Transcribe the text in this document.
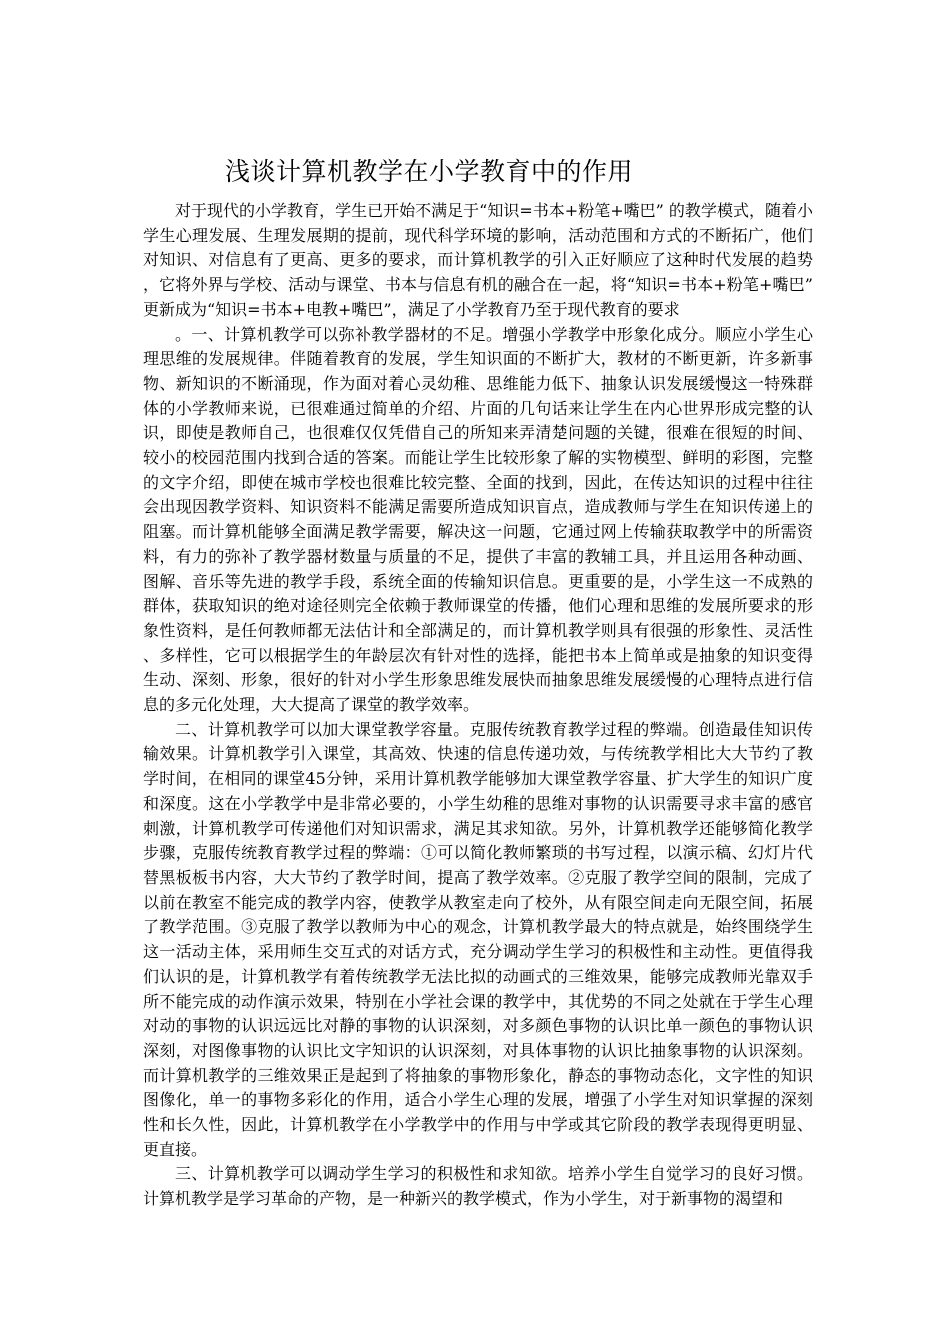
浅谈计算机教学在小学教育中的作用

对于现代的小学教育，学生已开始不满足于“知识=书本+粉笔+嘴巴” 的教学模式，随着小学生心理发展、生理发展期的提前，现代科学环境的影响，活动范围和方式的不断拓广，他们对知识、对信息有了更高、更多的要求，而计算机教学的引入正好顺应了这种时代发展的趋势，它将外界与学校、活动与课堂、书本与信息有机的融合在一起，将“知识=书本+粉笔+嘴巴”更新成为“知识=书本+电教+嘴巴”，满足了小学教育乃至于现代教育的要求

。一、计算机教学可以弥补教学器材的不足。增强小学教学中形象化成分。顺应小学生心理思维的发展规律。伴随着教育的发展，学生知识面的不断扩大，教材的不断更新，许多新事物、新知识的不断涌现，作为面对着心灵幼稚、思维能力低下、抽象认识发展缓慢这一特殊群体的小学教师来说，已很难通过简单的介绍、片面的几句话来让学生在内心世界形成完整的认识，即使是教师自己，也很难仅仅凭借自己的所知来弄清楚问题的关键，很难在很短的时间、较小的校园范围内找到合适的答案。而能让学生比较形象了解的实物模型、鲜明的彩图，完整的文字介绍，即使在城市学校也很难比较完整、全面的找到，因此，在传达知识的过程中往往会出现因教学资料、知识资料不能满足需要所造成知识盲点，造成教师与学生在知识传递上的阻塞。而计算机能够全面满足教学需要，解决这一问题，它通过网上传输获取教学中的所需资料，有力的弥补了教学器材数量与质量的不足，提供了丰富的教辅工具，并且运用各种动画、图解、音乐等先进的教学手段，系统全面的传输知识信息。更重要的是，小学生这一不成熟的群体，获取知识的绝对途径则完全依赖于教师课堂的传播，他们心理和思维的发展所要求的形象性资料，是任何教师都无法估计和全部满足的，而计算机教学则具有很强的形象性、灵活性、多样性，它可以根据学生的年龄层次有针对性的选择，能把书本上简单或是抽象的知识变得生动、深刻、形象，很好的针对小学生形象思维发展快而抽象思维发展缓慢的心理特点进行信息的多元化处理，大大提高了课堂的教学效率。

二、计算机教学可以加大课堂教学容量。克服传统教育教学过程的弊端。创造最佳知识传输效果。计算机教学引入课堂，其高效、快速的信息传递功效，与传统教学相比大大节约了教学时间，在相同的课堂45分钟，采用计算机教学能够加大课堂教学容量、扩大学生的知识广度和深度。这在小学教学中是非常必要的，小学生幼稚的思维对事物的认识需要寻求丰富的感官刺激，计算机教学可传递他们对知识需求，满足其求知欲。另外，计算机教学还能够简化教学步骤，克服传统教育教学过程的弊端：①可以简化教师繁琐的书写过程，以演示稿、幻灯片代替黑板板书内容，大大节约了教学时间，提高了教学效率。②克服了教学空间的限制，完成了以前在教室不能完成的教学内容，使教学从教室走向了校外，从有限空间走向无限空间，拓展了教学范围。③克服了教学以教师为中心的观念，计算机教学最大的特点就是，始终围绕学生这一活动主体，采用师生交互式的对话方式，充分调动学生学习的积极性和主动性。更值得我们认识的是，计算机教学有着传统教学无法比拟的动画式的三维效果，能够完成教师光靠双手所不能完成的动作演示效果，特别在小学社会课的教学中，其优势的不同之处就在于学生心理对动的事物的认识远远比对静的事物的认识深刻，对多颜色事物的认识比单一颜色的事物认识深刻，对图像事物的认识比文字知识的认识深刻，对具体事物的认识比抽象事物的认识深刻。而计算机教学的三维效果正是起到了将抽象的事物形象化，静态的事物动态化，文字性的知识图像化，单一的事物多彩化的作用，适合小学生心理的发展，增强了小学生对知识掌握的深刻性和长久性，因此，计算机教学在小学教学中的作用与中学或其它阶段的教学表现得更明显、更直接。

三、计算机教学可以调动学生学习的积极性和求知欲。培养小学生自觉学习的良好习惯。计算机教学是学习革命的产物，是一种新兴的教学模式，作为小学生，对于新事物的渴望和
